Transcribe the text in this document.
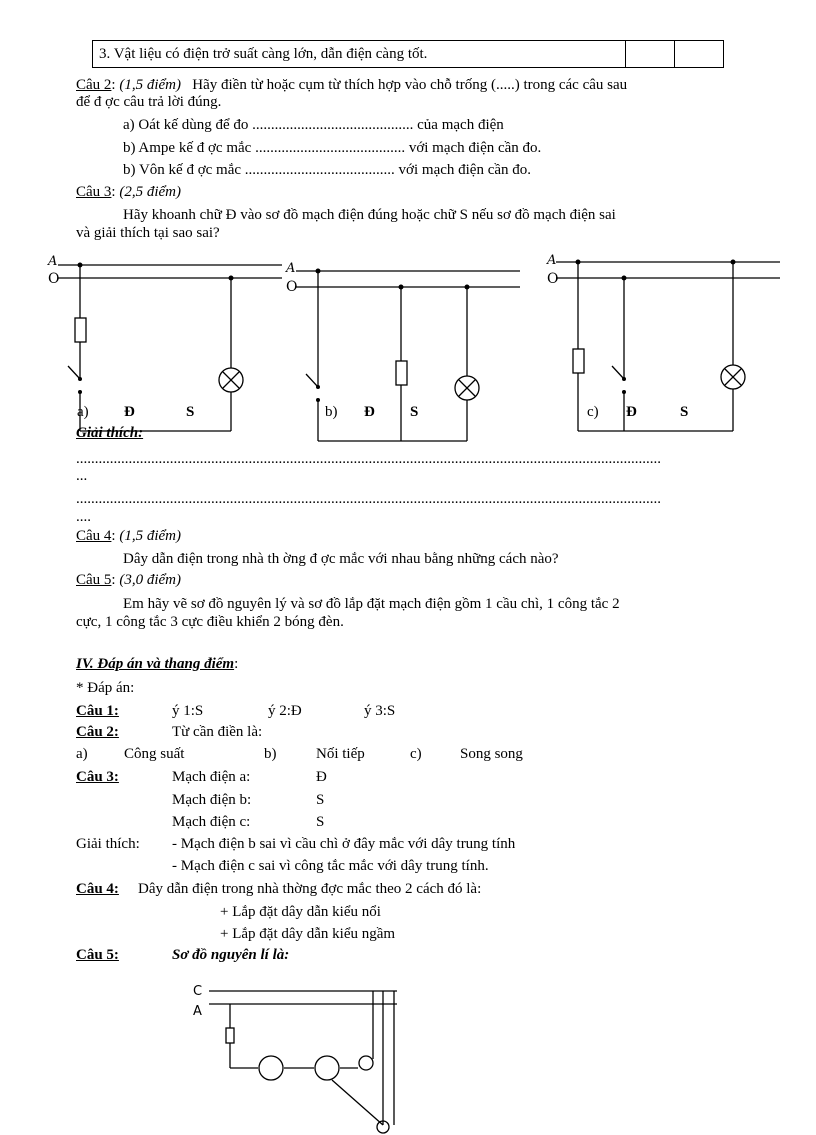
3. Vật liệu có điện trở suất càng lớn, dẫn điện càng tốt.
Câu 2: (1,5 điểm) Hãy điền từ hoặc cụm từ thích hợp vào chỗ trống (.....) trong các câu sau
để đ ợc câu trả lời đúng.
a) Oát kế dùng để đo ........................................... của mạch điện
b) Ampe kế đ ợc mắc ........................................ với mạch điện cần đo.
b) Vôn kế đ ợc mắc ........................................ với mạch điện cần đo.
Câu 3: (2,5 điểm)
Hãy khoanh chữ Đ vào sơ đồ mạch điện đúng hoặc chữ S nếu sơ đồ mạch điện sai
và giải thích tại sao sai?
A
O
a) Đ	S
A
O
b) Đ S
A
O
c) Đ	S
Giải thích:
............................................................................................................................................................
...
............................................................................................................................................................
....
Câu 4: (1,5 điểm)
Dây dẫn điện trong nhà th ờng đ ợc mắc với nhau bằng những cách nào?
Câu 5: (3,0 điểm)
Em hãy vẽ sơ đồ nguyên lý và sơ đồ lắp đặt mạch điện gồm 1 cầu chì, 1 công tắc 2
cực, 1 công tắc 3 cực điều khiển 2 bóng đèn.
IV. Đáp án và thang điểm:
* Đáp án:
Câu 1:	ý 1:S	ý 2:Đ	ý 3:S
Câu 2:	Từ cần điền là:
a) Công suất	b)	Nối tiếp	c)	Song song
Câu 3:	Mạch điện a:	Đ
Mạch điện b:	S
Mạch điện c:	S
Giải thích: - Mạch điện b sai vì cầu chì ở đây mắc với dây trung tính
- Mạch điện c sai vì công tắc mắc với dây trung tính.
Câu 4: Dây dẫn điện trong nhà thờng đợc mắc theo 2 cách đó là:
+ Lắp đặt dây dẫn kiểu nổi
+ Lắp đặt dây dẫn kiểu ngầm
Câu 5:	Sơ đồ nguyên lí là:
C
A
